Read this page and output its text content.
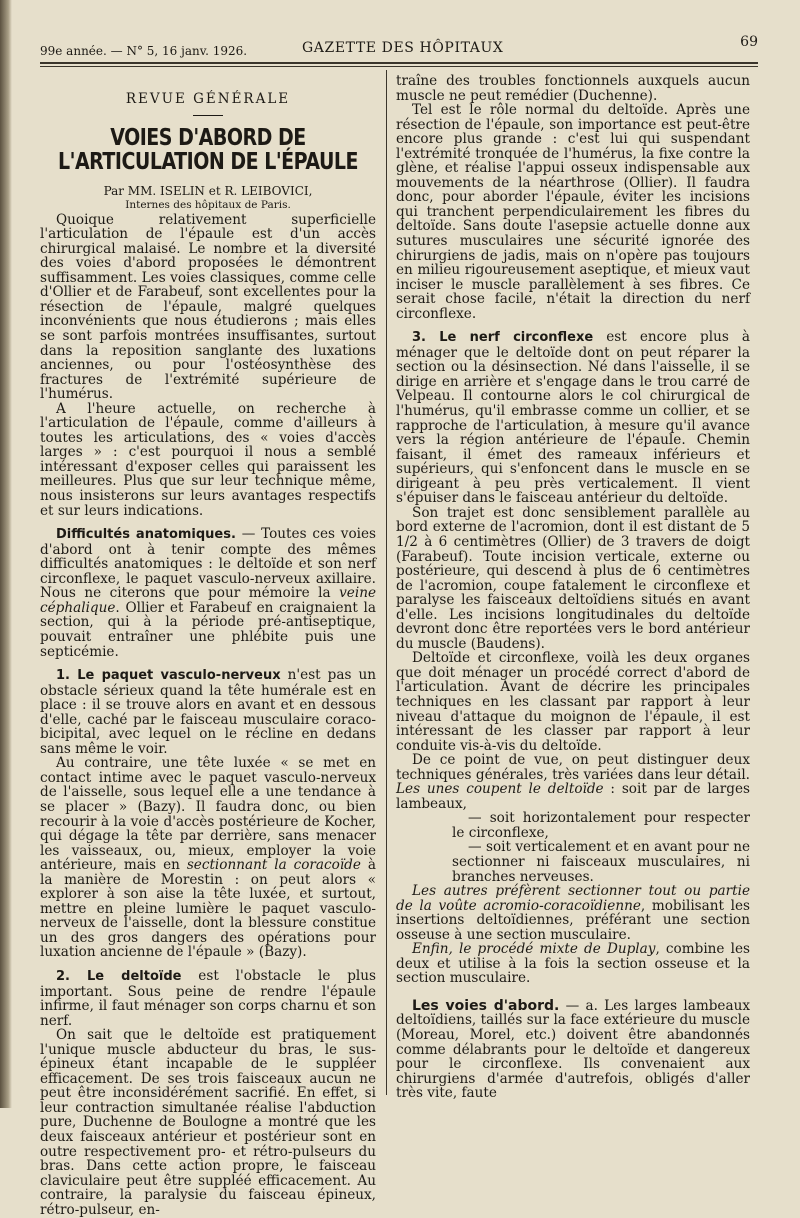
99e année. — N° 5, 16 janv. 1926.	GAZETTE DES HÔPITAUX	69
REVUE GÉNÉRALE
VOIES D'ABORD DE L'ARTICULATION DE L'ÉPAULE

Par MM. ISELIN et R. LEIBOVICI,

Internes des hôpitaux de Paris.

Quoique relativement superficielle l'articulation de l'épaule est d'un accès chirurgical malaisé. Le nombre et la diversité des voies d'abord proposées le démontrent suffisamment. Les voies classiques, comme celle d'Ollier et de Farabeuf, sont excellentes pour la résection de l'épaule, malgré quelques inconvénients que nous étudierons ; mais elles se sont parfois montrées insuffisantes, surtout dans la reposition sanglante des luxations anciennes, ou pour l'ostéosynthèse des fractures de l'extrémité supérieure de l'humérus.

A l'heure actuelle, on recherche à l'articulation de l'épaule, comme d'ailleurs à toutes les articulations, des « voies d'accès larges » : c'est pourquoi il nous a semblé intéressant d'exposer celles qui paraissent les meilleures. Plus que sur leur technique même, nous insisterons sur leurs avantages respectifs et sur leurs indications.

Difficultés anatomiques. — Toutes ces voies d'abord ont à tenir compte des mêmes difficultés anatomiques : le deltoïde et son nerf circonflexe, le paquet vasculo-nerveux axillaire. Nous ne citerons que pour mémoire la veine céphalique. Ollier et Farabeuf en craignaient la section, qui à la période pré-antiseptique, pouvait entraîner une phlébite puis une septicémie.

1. Le paquet vasculo-nerveux n'est pas un obstacle sérieux quand la tête humérale est en place : il se trouve alors en avant et en dessous d'elle, caché par le faisceau musculaire coraco-bicipital, avec lequel on le récline en dedans sans même le voir.

Au contraire, une tête luxée « se met en contact intime avec le paquet vasculo-nerveux de l'aisselle, sous lequel elle a une tendance à se placer » (Bazy). Il faudra donc, ou bien recourir à la voie d'accès postérieure de Kocher, qui dégage la tête par derrière, sans menacer les vaisseaux, ou, mieux, employer la voie antérieure, mais en sectionnant la coracoïde à la manière de Morestin : on peut alors « explorer à son aise la tête luxée, et surtout, mettre en pleine lumière le paquet vasculo-nerveux de l'aisselle, dont la blessure constitue un des gros dangers des opérations pour luxation ancienne de l'épaule » (Bazy).

2. Le deltoïde est l'obstacle le plus important. Sous peine de rendre l'épaule infirme, il faut ménager son corps charnu et son nerf.

On sait que le deltoïde est pratiquement l'unique muscle abducteur du bras, le sus-épineux étant incapable de le suppléer efficacement. De ses trois faisceaux aucun ne peut être inconsidérément sacrifié. En effet, si leur contraction simultanée réalise l'abduction pure, Duchenne de Boulogne a montré que les deux faisceaux antérieur et postérieur sont en outre respectivement pro- et rétro-pulseurs du bras. Dans cette action propre, le faisceau claviculaire peut être suppléé efficacement. Au contraire, la paralysie du faisceau épineux, rétro-pulseur, en-

traîne des troubles fonctionnels auxquels aucun muscle ne peut remédier (Duchenne).

Tel est le rôle normal du deltoïde. Après une résection de l'épaule, son importance est peut-être encore plus grande : c'est lui qui suspendant l'extrémité tronquée de l'humérus, la fixe contre la glène, et réalise l'appui osseux indispensable aux mouvements de la néarthrose (Ollier). Il faudra donc, pour aborder l'épaule, éviter les incisions qui tranchent perpendiculairement les fibres du deltoïde. Sans doute l'asepsie actuelle donne aux sutures musculaires une sécurité ignorée des chirurgiens de jadis, mais on n'opère pas toujours en milieu rigoureusement aseptique, et mieux vaut inciser le muscle parallèlement à ses fibres. Ce serait chose facile, n'était la direction du nerf circonflexe.

3. Le nerf circonflexe est encore plus à ménager que le deltoïde dont on peut réparer la section ou la désinsection. Né dans l'aisselle, il se dirige en arrière et s'engage dans le trou carré de Velpeau. Il contourne alors le col chirurgical de l'humérus, qu'il embrasse comme un collier, et se rapproche de l'articulation, à mesure qu'il avance vers la région antérieure de l'épaule. Chemin faisant, il émet des rameaux inférieurs et supérieurs, qui s'enfoncent dans le muscle en se dirigeant à peu près verticalement. Il vient s'épuiser dans le faisceau antérieur du deltoïde.

Son trajet est donc sensiblement parallèle au bord externe de l'acromion, dont il est distant de 5 1/2 à 6 centimètres (Ollier) de 3 travers de doigt (Farabeuf). Toute incision verticale, externe ou postérieure, qui descend à plus de 6 centimètres de l'acromion, coupe fatalement le circonflexe et paralyse les faisceaux deltoïdiens situés en avant d'elle. Les incisions longitudinales du deltoïde devront donc être reportées vers le bord antérieur du muscle (Baudens).

Deltoïde et circonflexe, voilà les deux organes que doit ménager un procédé correct d'abord de l'articulation. Avant de décrire les principales techniques en les classant par rapport à leur niveau d'attaque du moignon de l'épaule, il est intéressant de les classer par rapport à leur conduite vis-à-vis du deltoïde.

De ce point de vue, on peut distinguer deux techniques générales, très variées dans leur détail. Les unes coupent le deltoïde : soit par de larges lambeaux,

— soit horizontalement pour respecter le circonflexe,

— soit verticalement et en avant pour ne sectionner ni faisceaux musculaires, ni branches nerveuses.

Les autres préfèrent sectionner tout ou partie de la voûte acromio-coracoïdienne, mobilisant les insertions deltoïdiennes, préférant une section osseuse à une section musculaire.

Enfin, le procédé mixte de Duplay, combine les deux et utilise à la fois la section osseuse et la section musculaire.

Les voies d'abord. — a. Les larges lambeaux deltoïdiens, taillés sur la face extérieure du muscle (Moreau, Morel, etc.) doivent être abandonnés comme délabrants pour le deltoïde et dangereux pour le circonflexe. Ils convenaient aux chirurgiens d'armée d'autrefois, obligés d'aller très vite, faute
